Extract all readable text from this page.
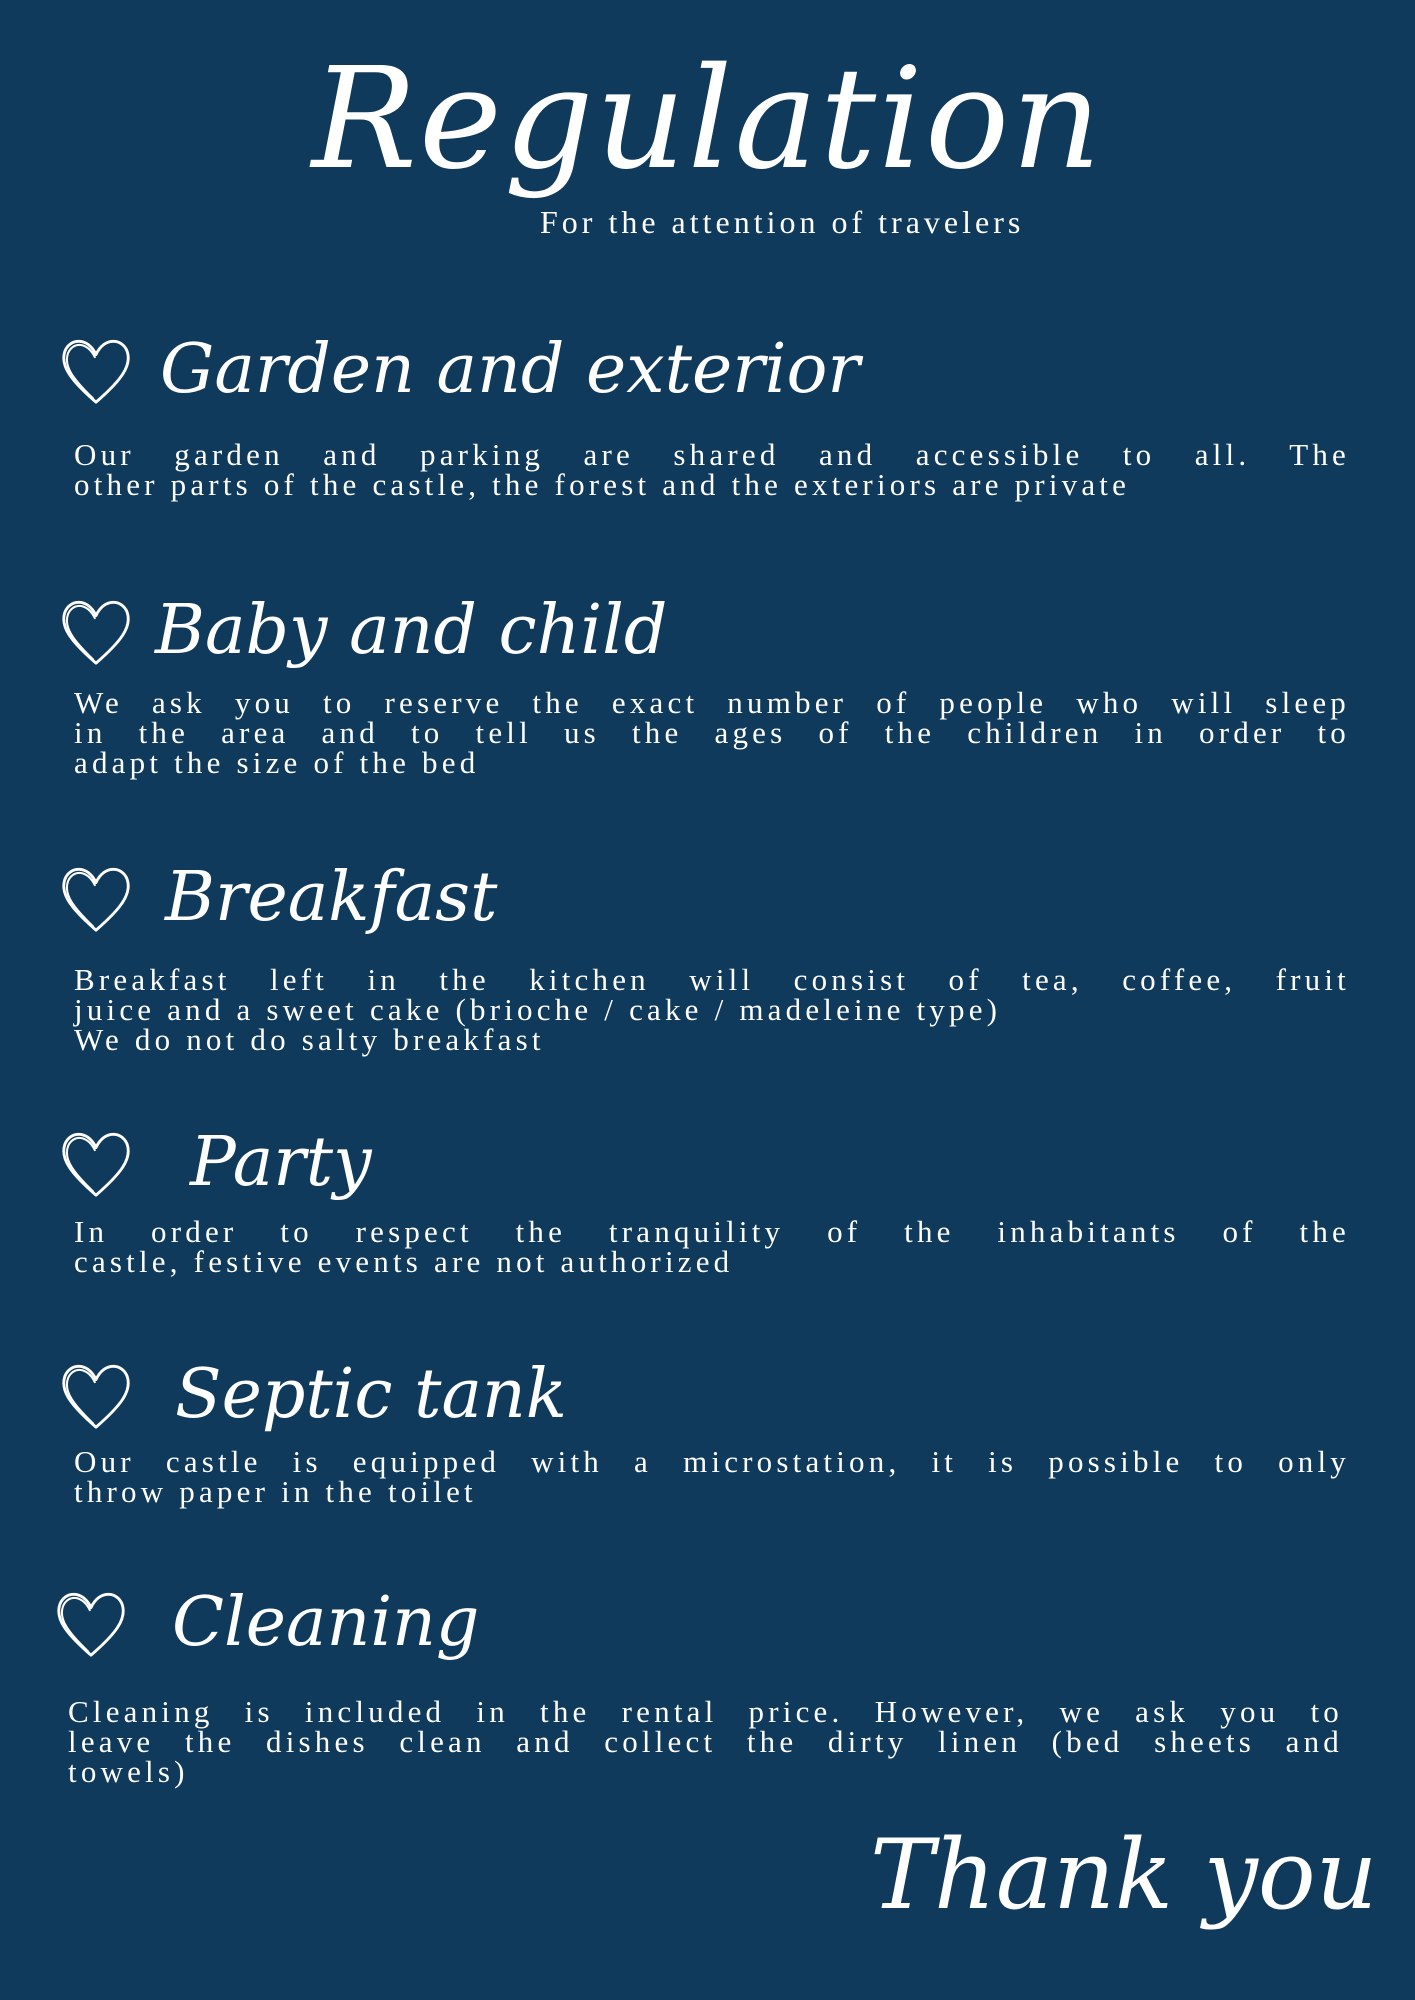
Regulation

For the attention of travelers

Garden and exterior
Our garden and parking are shared and accessible to all. The
other parts of the castle, the forest and the exteriors are private
Baby and child
We ask you to reserve the exact number of people who will sleep
in the area and to tell us the ages of the children in order to
adapt the size of the bed
Breakfast
Breakfast left in the kitchen will consist of tea, coffee, fruit
juice and a sweet cake (brioche / cake / madeleine type)
We do not do salty breakfast
Party
In order to respect the tranquility of the inhabitants of the
castle, festive events are not authorized
Septic tank
Our castle is equipped with a microstation, it is possible to only
throw paper in the toilet
Cleaning
Cleaning is included in the rental price. However, we ask you to
leave the dishes clean and collect the dirty linen (bed sheets and
towels)

Thank you
